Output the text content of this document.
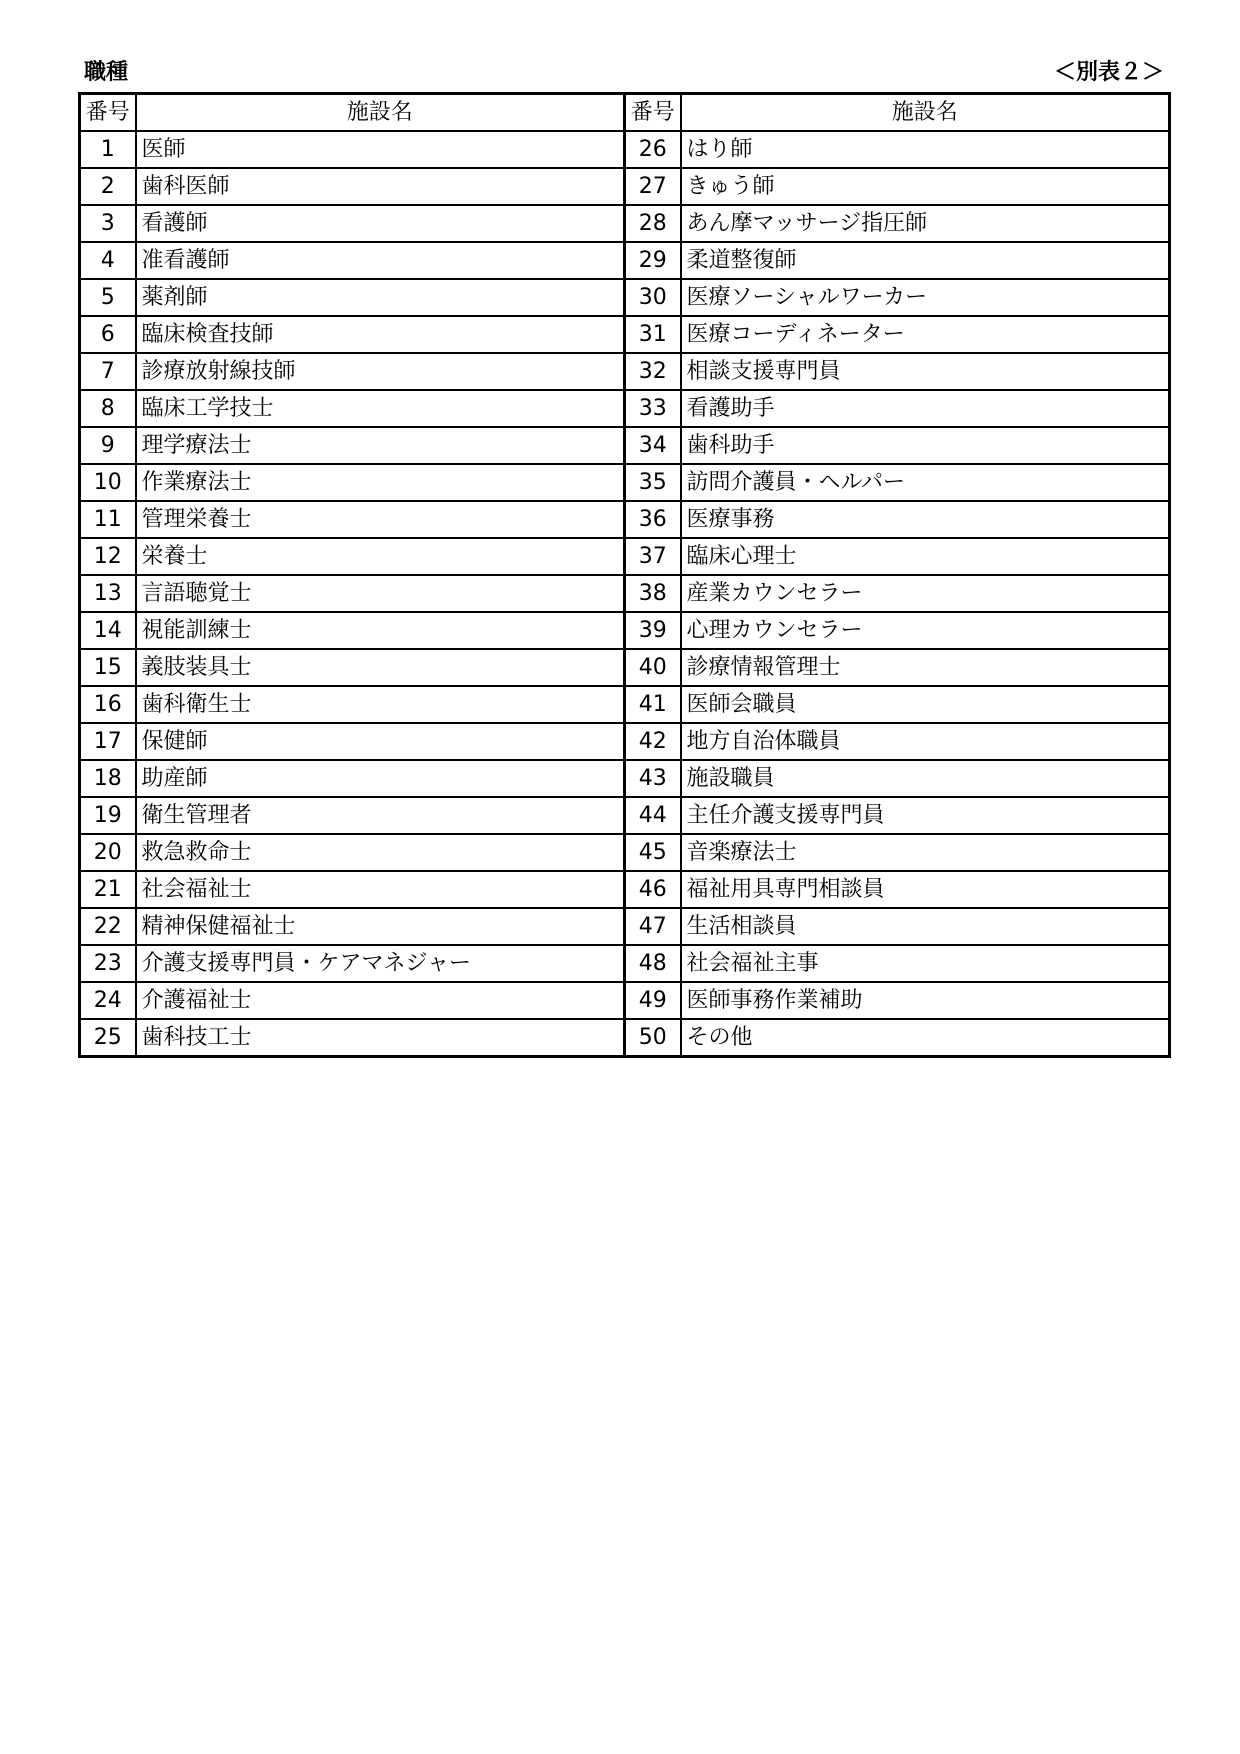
職種	＜別表２＞
番号	施設名	番号	施設名
1	医師	26	はり師
2	歯科医師	27	きゅう師
3	看護師	28	あん摩マッサージ指圧師
4	准看護師	29	柔道整復師
5	薬剤師	30	医療ソーシャルワーカー
6	臨床検査技師	31	医療コーディネーター
7	診療放射線技師	32	相談支援専門員
8	臨床工学技士	33	看護助手
9	理学療法士	34	歯科助手
10	作業療法士	35	訪問介護員・ヘルパー
11	管理栄養士	36	医療事務
12	栄養士	37	臨床心理士
13	言語聴覚士	38	産業カウンセラー
14	視能訓練士	39	心理カウンセラー
15	義肢装具士	40	診療情報管理士
16	歯科衛生士	41	医師会職員
17	保健師	42	地方自治体職員
18	助産師	43	施設職員
19	衛生管理者	44	主任介護支援専門員
20	救急救命士	45	音楽療法士
21	社会福祉士	46	福祉用具専門相談員
22	精神保健福祉士	47	生活相談員
23	介護支援専門員・ケアマネジャー	48	社会福祉主事
24	介護福祉士	49	医師事務作業補助
25	歯科技工士	50	その他
